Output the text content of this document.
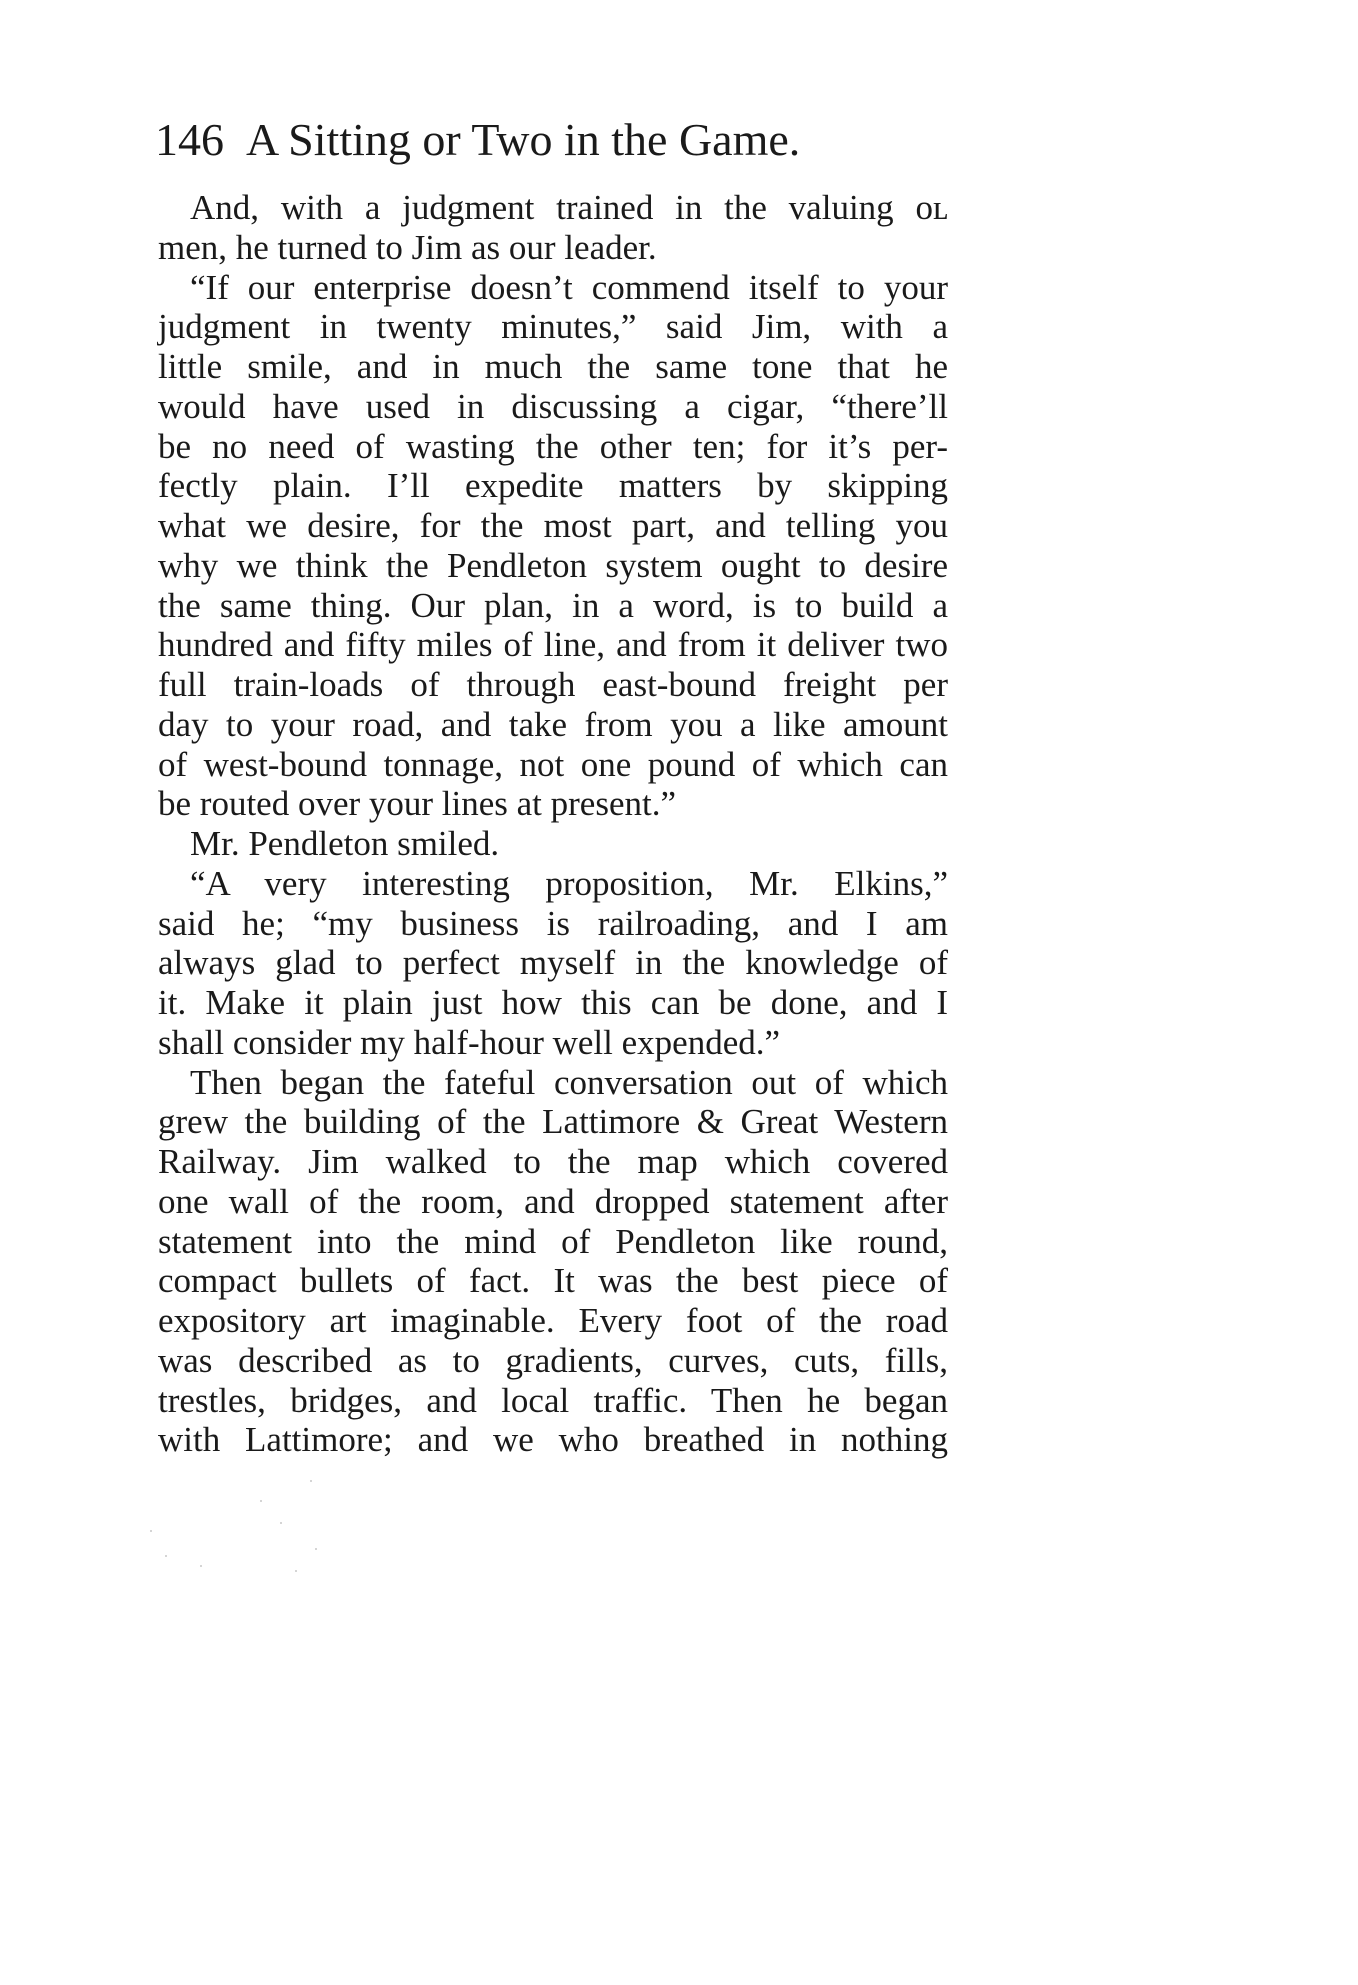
146 A Sitting or Two in the Game.
And, with a judgment trained in the valuing oʟ
men, he turned to Jim as our leader.
“If our enterprise doesn’t commend itself to your
judgment in twenty minutes,” said Jim, with a
little smile, and in much the same tone that he
would have used in discussing a cigar, “there’ll
be no need of wasting the other ten; for it’s per-
fectly plain. I’ll expedite matters by skipping
what we desire, for the most part, and telling you
why we think the Pendleton system ought to desire
the same thing. Our plan, in a word, is to build a
hundred and fifty miles of line, and from it deliver two
full train-loads of through east-bound freight per
day to your road, and take from you a like amount
of west-bound tonnage, not one pound of which can
be routed over your lines at present.”
Mr. Pendleton smiled.
“A very interesting proposition, Mr. Elkins,”
said he; “my business is railroading, and I am
always glad to perfect myself in the knowledge of
it. Make it plain just how this can be done, and I
shall consider my half-hour well expended.”
Then began the fateful conversation out of which
grew the building of the Lattimore & Great Western
Railway. Jim walked to the map which covered
one wall of the room, and dropped statement after
statement into the mind of Pendleton like round,
compact bullets of fact. It was the best piece of
expository art imaginable. Every foot of the road
was described as to gradients, curves, cuts, fills,
trestles, bridges, and local traffic. Then he began
with Lattimore; and we who breathed in nothing
